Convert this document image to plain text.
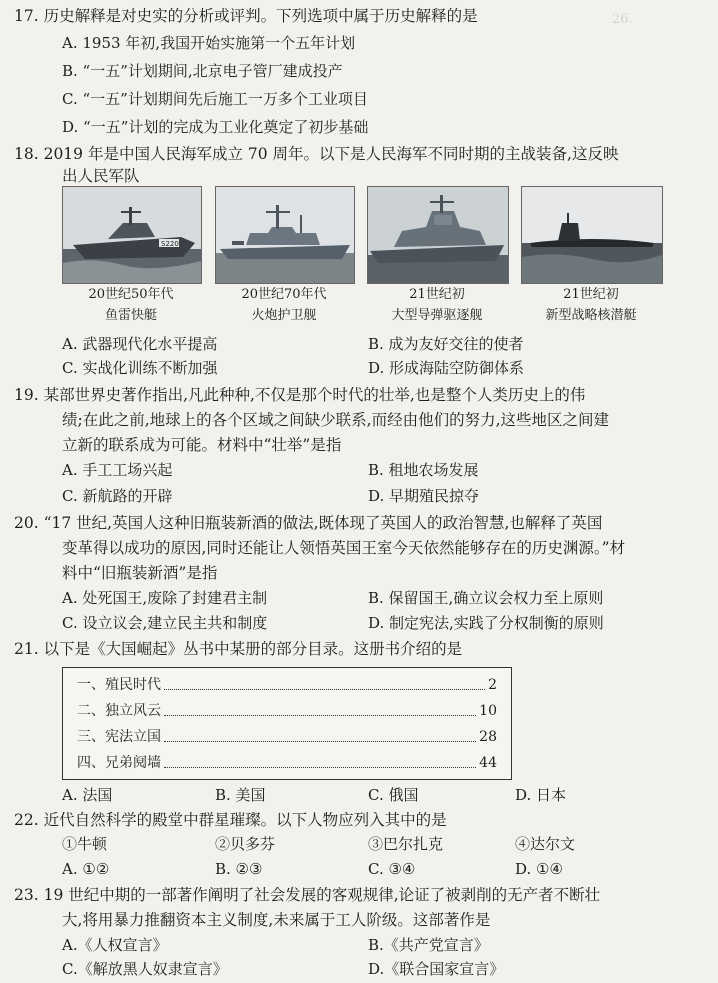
26.
17. 历史解释是对史实的分析或评判。下列选项中属于历史解释的是
A. 1953 年初,我国开始实施第一个五年计划
B. “一五”计划期间,北京电子管厂建成投产
C. “一五”计划期间先后施工一万多个工业项目
D. “一五”计划的完成为工业化奠定了初步基础
18. 2019 年是中国人民海军成立 70 周年。以下是人民海军不同时期的主战装备,这反映
出人民军队
S220
20世纪50年代
鱼雷快艇
20世纪70年代
火炮护卫舰
21世纪初
大型导弹驱逐舰
21世纪初
新型战略核潜艇
A. 武器现代化水平提高	B. 成为友好交往的使者
C. 实战化训练不断加强	D. 形成海陆空防御体系
19. 某部世界史著作指出,凡此种种,不仅是那个时代的壮举,也是整个人类历史上的伟
绩;在此之前,地球上的各个区域之间缺少联系,而经由他们的努力,这些地区之间建
立新的联系成为可能。材料中“壮举”是指
A. 手工工场兴起	B. 租地农场发展
C. 新航路的开辟	D. 早期殖民掠夺
20. “17 世纪,英国人这种旧瓶装新酒的做法,既体现了英国人的政治智慧,也解释了英国
变革得以成功的原因,同时还能让人领悟英国王室今天依然能够存在的历史渊源。”材
料中“旧瓶装新酒”是指
A. 处死国王,废除了封建君主制	B. 保留国王,确立议会权力至上原则
C. 设立议会,建立民主共和制度	D. 制定宪法,实践了分权制衡的原则
21. 以下是《大国崛起》丛书中某册的部分目录。这册书介绍的是
一、殖民时代	2
二、独立风云	10
三、宪法立国	28
四、兄弟阋墙	44
A. 法国	B. 美国	C. 俄国	D. 日本
22. 近代自然科学的殿堂中群星璀璨。以下人物应列入其中的是
①牛顿	②贝多芬	③巴尔扎克	④达尔文
A. ①②	B. ②③	C. ③④	D. ①④
23. 19 世纪中期的一部著作阐明了社会发展的客观规律,论证了被剥削的无产者不断壮
大,将用暴力推翻资本主义制度,未来属于工人阶级。这部著作是
A.《人权宣言》	B.《共产党宣言》
C.《解放黑人奴隶宣言》	D.《联合国家宣言》
